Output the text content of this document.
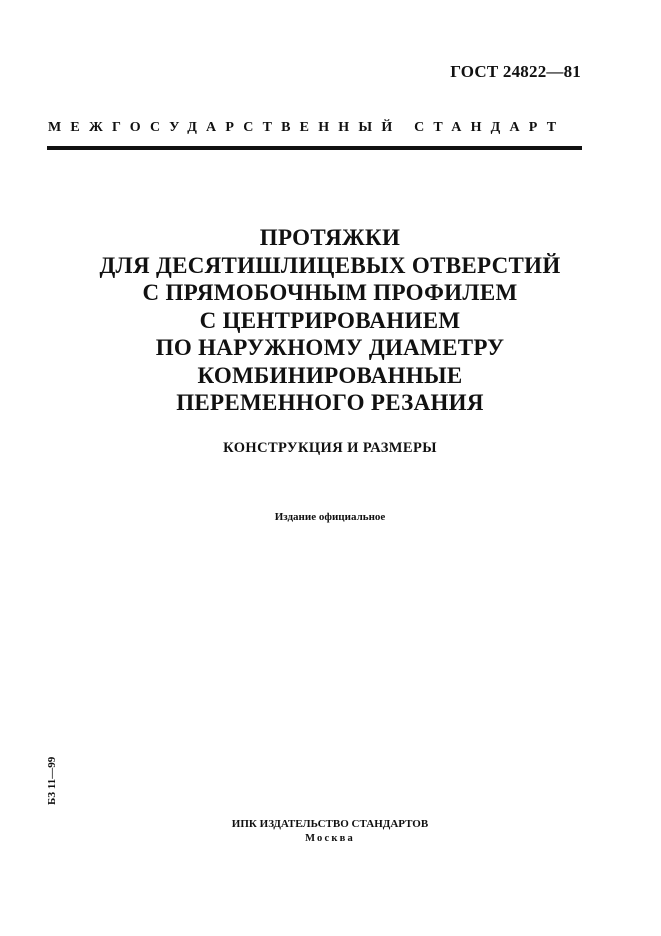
ГОСТ 24822—81
МЕЖГОСУДАРСТВЕННЫЙ СТАНДАРТ
ПРОТЯЖКИ
ДЛЯ ДЕСЯТИШЛИЦЕВЫХ ОТВЕРСТИЙ
С ПРЯМОБОЧНЫМ ПРОФИЛЕМ
С ЦЕНТРИРОВАНИЕМ
ПО НАРУЖНОМУ ДИАМЕТРУ
КОМБИНИРОВАННЫЕ
ПЕРЕМЕННОГО РЕЗАНИЯ
КОНСТРУКЦИЯ И РАЗМЕРЫ
Издание официальное
БЗ 11—99
ИПК ИЗДАТЕЛЬСТВО СТАНДАРТОВ
Москва
